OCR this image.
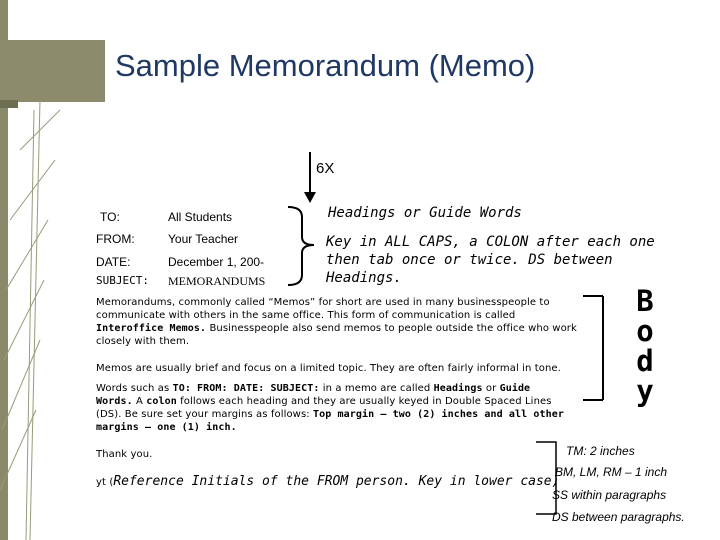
Sample Memorandum (Memo)
6X
TO:	All Students
FROM:	Your Teacher
DATE:	December 1, 200-
SUBJECT: MEMORANDUMS
Headings or Guide Words
Key in ALL CAPS, a COLON after each one
then tab once or twice. DS between
Headings.
Memorandums, commonly called “Memos” for short are used in many businesspeople to
communicate with others in the same office. This form of communication is called
Interoffice Memos. Businesspeople also send memos to people outside the office who work
closely with them.
Memos are usually brief and focus on a limited topic. They are often fairly informal in tone.
Words such as TO: FROM: DATE: SUBJECT: in a memo are called Headings or Guide
Words. A colon follows each heading and they are usually keyed in Double Spaced Lines
(DS). Be sure set your margins as follows: Top margin – two (2) inches and all other
margins – one (1) inch.
Thank you.
yt (Reference Initials of the FROM person. Key in lower case)
B
o
d
y
TM: 2 inches
BM, LM, RM – 1 inch
SS within paragraphs
DS between paragraphs.
